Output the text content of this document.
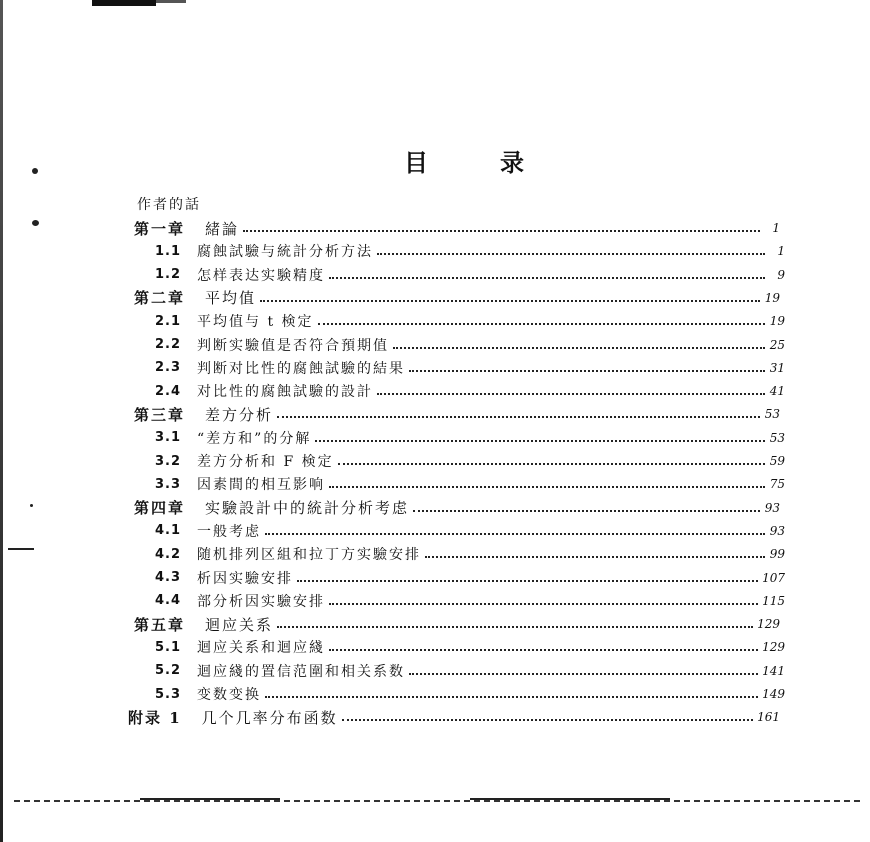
目	录
作者的話
第一章 緒論	1
1.1	腐蝕試驗与統計分析方法	1
1.2	怎样表达实験精度	9
第二章 平均值	19
2.1	平均值与 t 検定	19
2.2	判断实驗值是否符合預期值	25
2.3	判断对比性的腐蝕試驗的結果	31
2.4	对比性的腐蝕試驗的設計	41
第三章 差方分析	53
3.1	“差方和”的分解	53
3.2	差方分析和 F 検定	59
3.3	因素間的相互影响	75
第四章 实驗設計中的統計分析考虑	93
4.1	一般考虑	93
4.2	随机排列区組和拉丁方实驗安排	99
4.3	析因实驗安排	107
4.4	部分析因实驗安排	115
第五章 迴应关系	129
5.1	迴应关系和迴应綫	129
5.2	迴应綫的置信范圍和相关系数	141
5.3	变数变换	149
附录 1 几个几率分布函数	161
